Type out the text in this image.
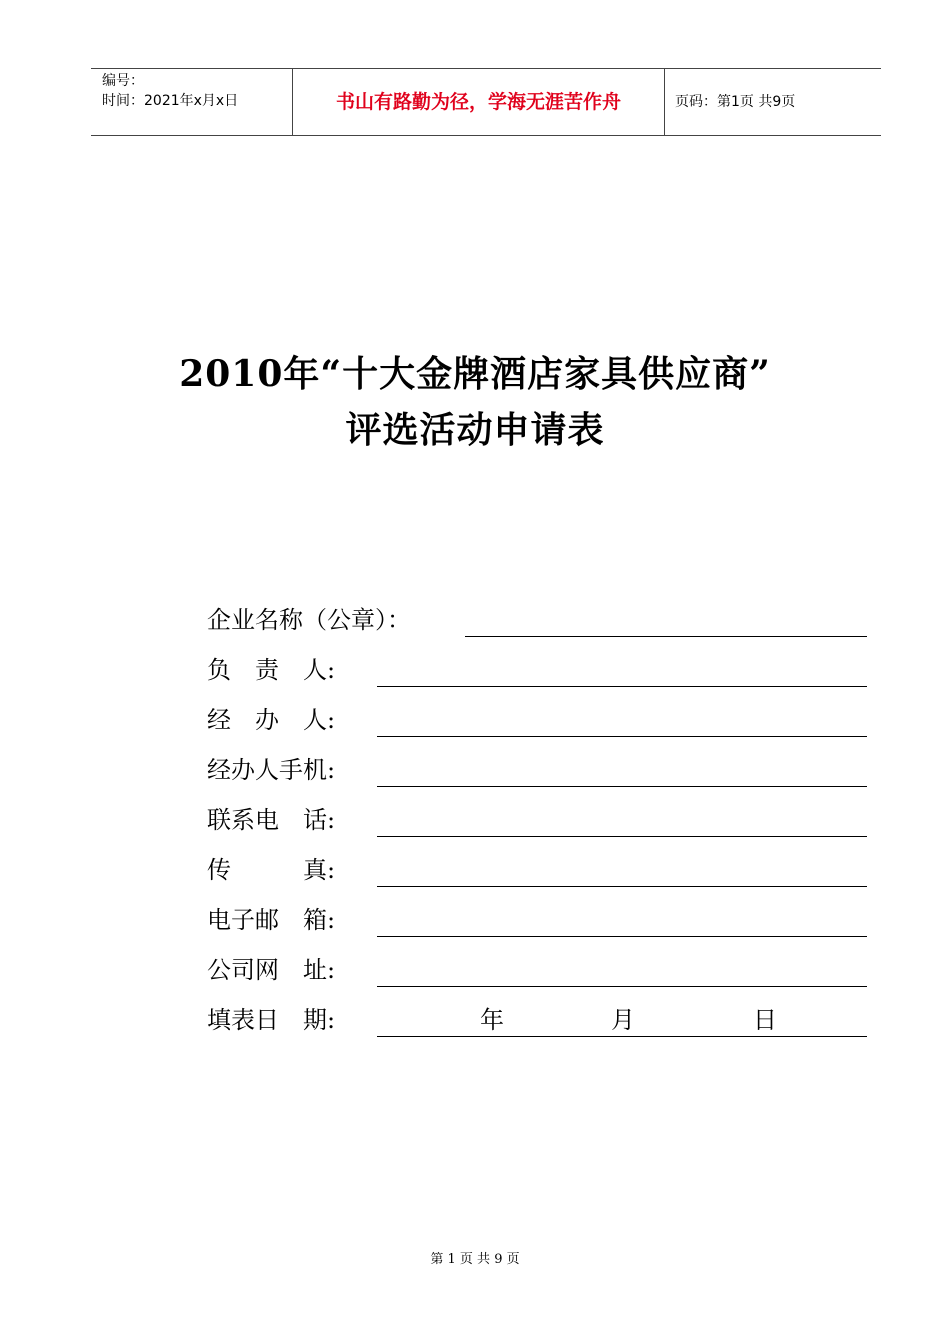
编号：
时间：2021年x月x日	书山有路勤为径，学海无涯苦作舟	页码：第1页 共9页
2010年“十大金牌酒店家具供应商”
评选活动申请表
企业名称（公章）：
负　责　人:
经　办　人:
经办人手机:
联系电　话:
传　　　真:
电子邮　箱:
公司网　址:
填表日　期:	年	月	日
第 1 页 共 9 页
